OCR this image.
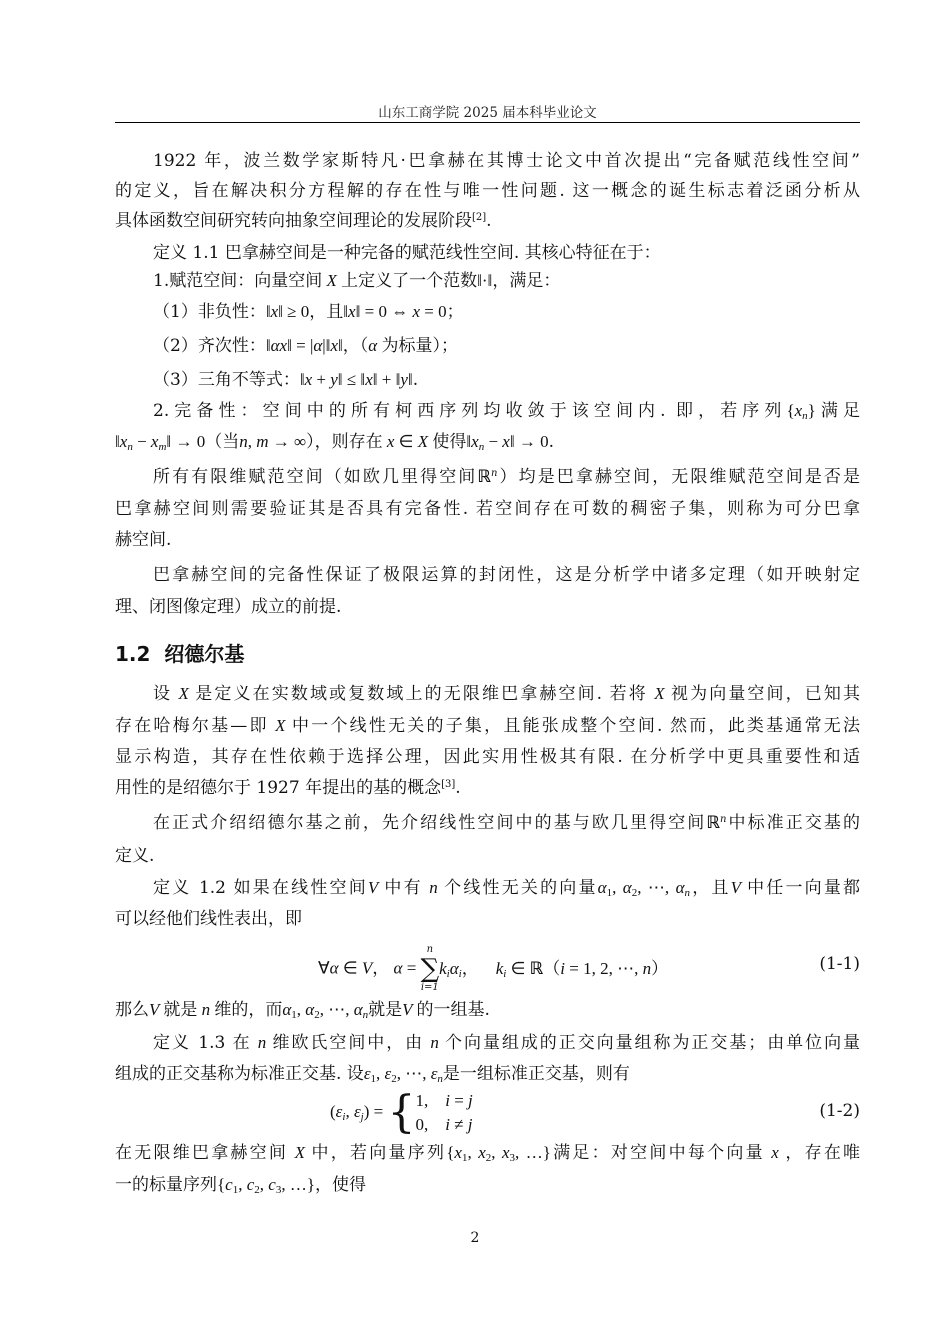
山东工商学院 2025 届本科毕业论文
1922 年，波兰数学家斯特凡·巴拿赫在其博士论文中首次提出“完备赋范线性空间”
的定义，旨在解决积分方程解的存在性与唯一性问题. 这一概念的诞生标志着泛函分析从
具体函数空间研究转向抽象空间理论的发展阶段[2].
定义 1.1 巴拿赫空间是一种完备的赋范线性空间. 其核心特征在于：
1.赋范空间：向量空间 X 上定义了一个范数‖·‖，满足：
（1）非负性：‖x‖ ≥ 0，且‖x‖ = 0 ⇔ x = 0；
（2）齐次性：‖αx‖ = |α|‖x‖，（α 为标量）；
（3）三角不等式：‖x + y‖ ≤ ‖x‖ + ‖y‖.
2.完备性：空间中的所有柯西序列均收敛于该空间内. 即，若序列$\{x_n\}$满足
$‖x_n$ − $x_m‖ \to 0$（当n, m → ∞），则存在 x ∈ X 使得$‖x_n$ − x‖ → 0.
所有有限维赋范空间（如欧几里得空间ℝ$^n$）均是巴拿赫空间，无限维赋范空间是否是
巴拿赫空间则需要验证其是否具有完备性. 若空间存在可数的稠密子集，则称为可分巴拿
赫空间.
巴拿赫空间的完备性保证了极限运算的封闭性，这是分析学中诸多定理（如开映射定
理、闭图像定理）成立的前提.
1.2 绍德尔基
设 X 是定义在实数域或复数域上的无限维巴拿赫空间. 若将 X 视为向量空间，已知其
存在哈梅尔基—即 X 中一个线性无关的子集，且能张成整个空间. 然而，此类基通常无法
显示构造，其存在性依赖于选择公理，因此实用性极其有限. 在分析学中更具重要性和适
用性的是绍德尔于 1927 年提出的基的概念[3].
在正式介绍绍德尔基之前，先介绍线性空间中的基与欧几里得空间ℝ$^n$中标准正交基的
定义.
定义 1.2 如果在线性空间V 中有 n 个线性无关的向量$\alpha_1$, $\alpha_2$, ⋯, $\alpha_n$，且V 中任一向量都
可以经他们线性表出，即
∀α ∈ V， α =
n
∑
i=1
$k_i\alpha_i$，    $k_i$ ∈ ℝ（i = 1, 2, ⋯, n）	(1-1)
那么V 就是 n 维的，而$\alpha_1$, $\alpha_2$, ⋯, $\alpha_n$就是V 的一组基.
定义 1.3 在 n 维欧氏空间中，由 n 个向量组成的正交向量组称为正交基；由单位向量
组成的正交基称为标准正交基. 设$\varepsilon_1$, $\varepsilon_2$, ⋯, $\varepsilon_n$是一组标准正交基，则有
($\varepsilon_i$, $\varepsilon_j$) = { 1,    i = j
0,    i ≠ j
(1-2)
在无限维巴拿赫空间 X 中，若向量序列{$x_1$, $x_2$, $x_3$, …}满足：对空间中每个向量 x ，存在唯
一的标量序列{$c_1$, $c_2$, $c_3$, …}，使得
2
